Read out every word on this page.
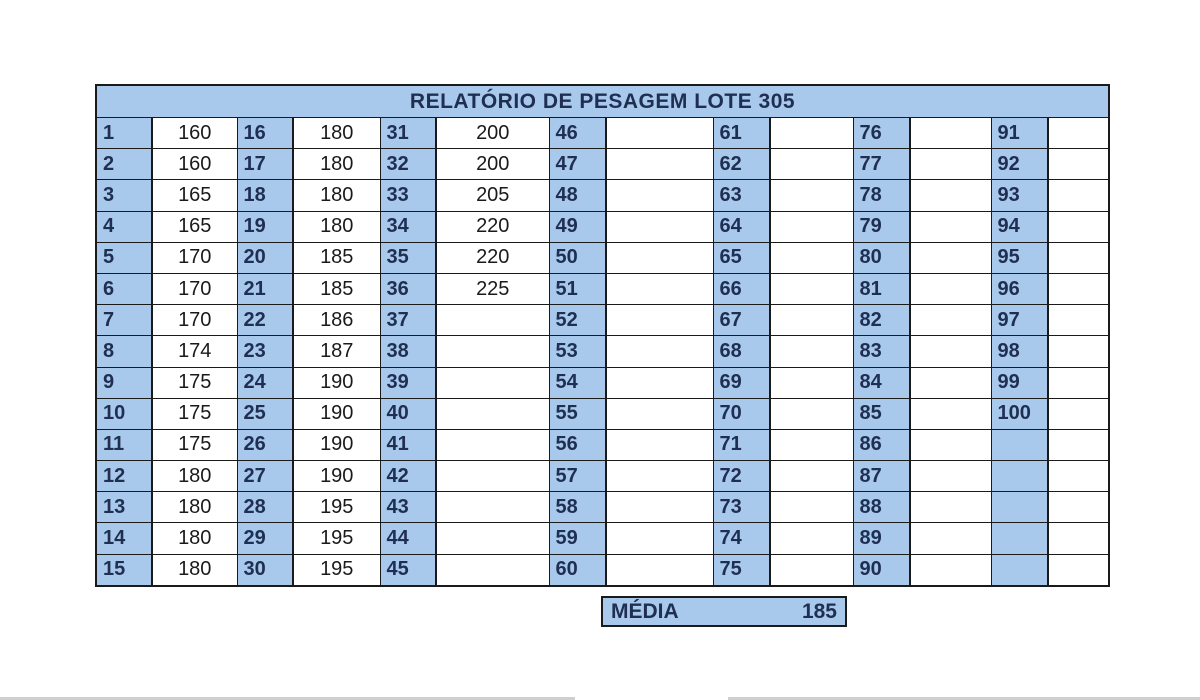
RELATÓRIO DE PESAGEM LOTE 305													
1	160	16	180	31	200	46		61		76		91	
2	160	17	180	32	200	47		62		77		92	
3	165	18	180	33	205	48		63		78		93	
4	165	19	180	34	220	49		64		79		94	
5	170	20	185	35	220	50		65		80		95	
6	170	21	185	36	225	51		66		81		96	
7	170	22	186	37		52		67		82		97	
8	174	23	187	38		53		68		83		98	
9	175	24	190	39		54		69		84		99	
10	175	25	190	40		55		70		85		100	
11	175	26	190	41		56		71		86			
12	180	27	190	42		57		72		87			
13	180	28	195	43		58		73		88			
14	180	29	195	44		59		74		89			
15	180	30	195	45		60		75		90			
MÉDIA	185
